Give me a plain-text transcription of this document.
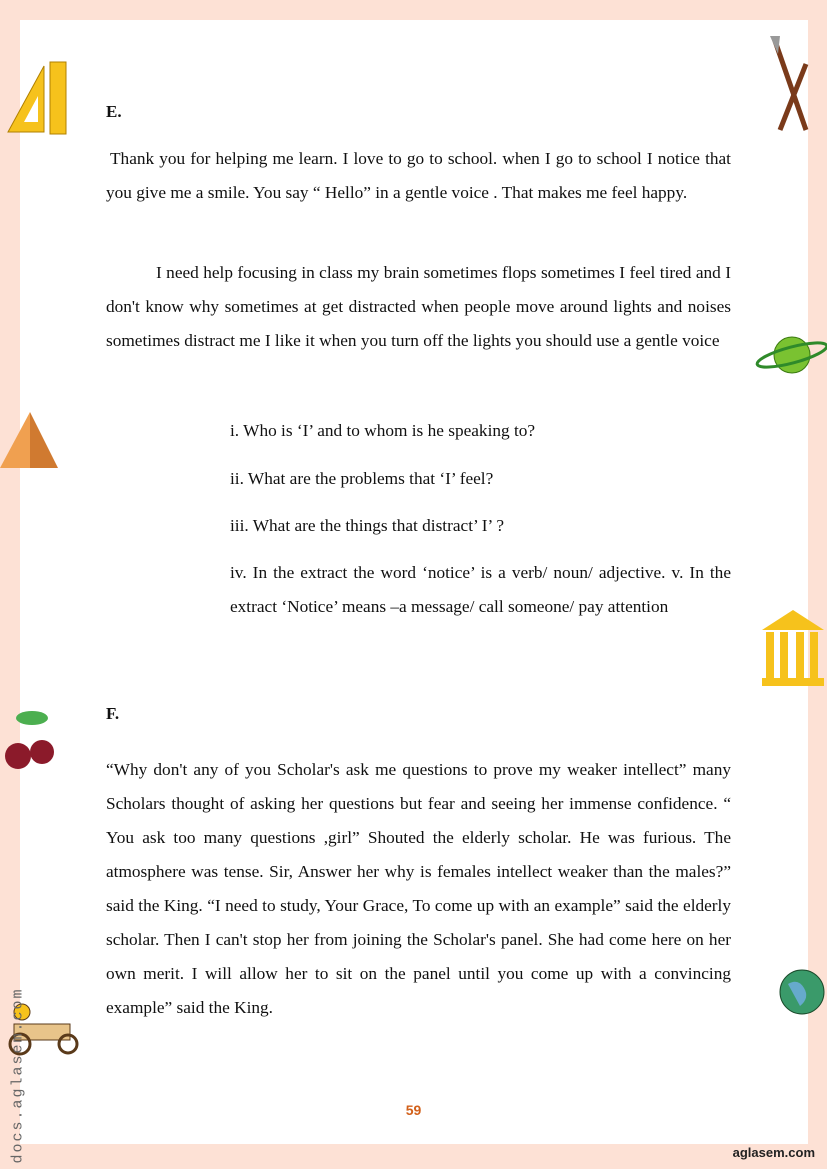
E.
Thank you for helping me learn. I love to go to school. when I go to school I notice that you give me a smile. You say “ Hello” in a gentle voice . That makes me feel happy.
I need help focusing in class my brain sometimes flops sometimes I feel tired and I don't know why sometimes at get distracted when people move around lights and noises sometimes distract me I like it when you turn off the lights you should use a gentle voice
i. Who is ‘I’ and to whom is he speaking to?
ii. What are the problems that ‘I’ feel?
iii. What are the things that distract’ I’ ?
iv. In the extract the word ‘notice’ is a verb/ noun/ adjective. v. In the extract ‘Notice’ means –a message/ call someone/ pay attention
F.
“Why don't any of you Scholar's ask me questions to prove my weaker intellect” many Scholars thought of asking her questions but fear and seeing her immense confidence. “ You ask too many questions ,girl” Shouted the elderly scholar. He was furious. The atmosphere was tense. Sir, Answer her why is females intellect weaker than the males?” said the King. “I need to study, Your Grace, To come up with an example” said the elderly scholar. Then I can't stop her from joining the Scholar's panel. She had come here on her own merit. I will allow her to sit on the panel until you come up with a convincing example” said the King.
59
aglasem.com
docs.aglasem.com
